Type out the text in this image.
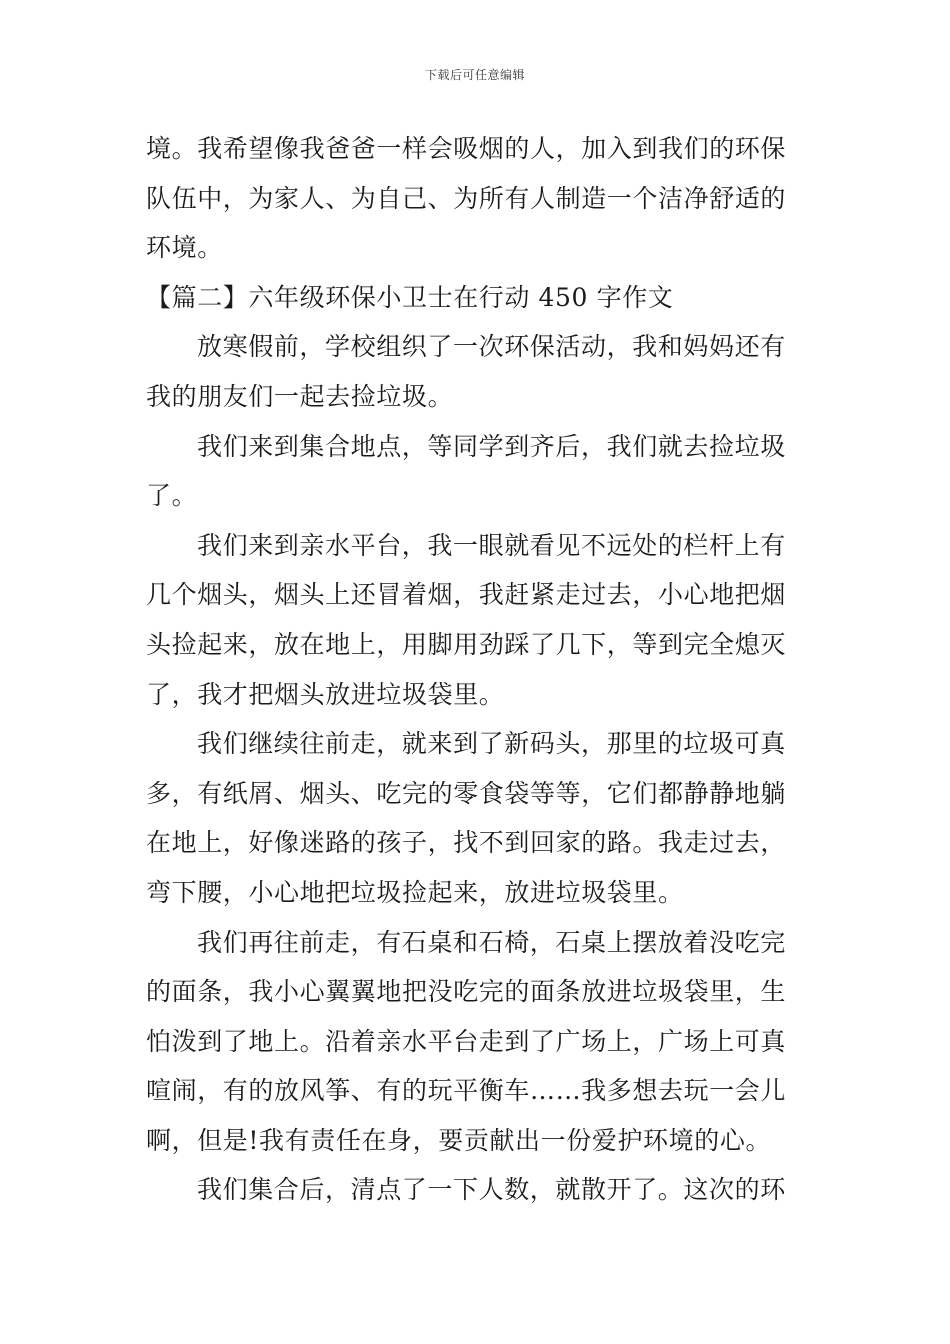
下载后可任意编辑
境。我希望像我爸爸一样会吸烟的人，加入到我们的环保
队伍中，为家人、为自己、为所有人制造一个洁净舒适的
环境。
【篇二】六年级环保小卫士在行动 450 字作文
放寒假前，学校组织了一次环保活动，我和妈妈还有
我的朋友们一起去捡垃圾。
我们来到集合地点，等同学到齐后，我们就去捡垃圾
了。
我们来到亲水平台，我一眼就看见不远处的栏杆上有
几个烟头，烟头上还冒着烟，我赶紧走过去，小心地把烟
头捡起来，放在地上，用脚用劲踩了几下，等到完全熄灭
了，我才把烟头放进垃圾袋里。
我们继续往前走，就来到了新码头，那里的垃圾可真
多，有纸屑、烟头、吃完的零食袋等等，它们都静静地躺
在地上，好像迷路的孩子，找不到回家的路。我走过去，
弯下腰，小心地把垃圾捡起来，放进垃圾袋里。
我们再往前走，有石桌和石椅，石桌上摆放着没吃完
的面条，我小心翼翼地把没吃完的面条放进垃圾袋里，生
怕泼到了地上。沿着亲水平台走到了广场上，广场上可真
喧闹，有的放风筝、有的玩平衡车……我多想去玩一会儿
啊，但是!我有责任在身，要贡献出一份爱护环境的心。
我们集合后，清点了一下人数，就散开了。这次的环
